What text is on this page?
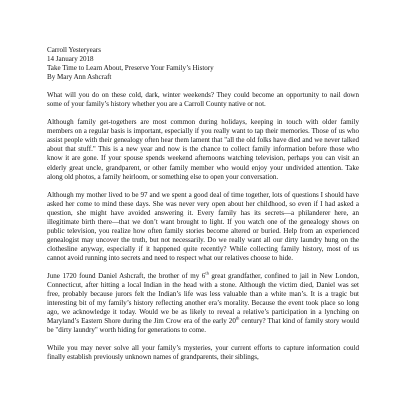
Carroll Yesteryears
14 January 2018
Take Time to Learn About, Preserve Your Family’s History
By Mary Ann Ashcraft

What will you do on these cold, dark, winter weekends? They could become an opportunity to nail down some of your family’s history whether you are a Carroll County native or not.

Although family get-togethers are most common during holidays, keeping in touch with older family members on a regular basis is important, especially if you really want to tap their memories. Those of us who assist people with their genealogy often hear them lament that "all the old folks have died and we never talked about that stuff." This is a new year and now is the chance to collect family information before those who know it are gone. If your spouse spends weekend afternoons watching television, perhaps you can visit an elderly great uncle, grandparent, or other family member who would enjoy your undivided attention. Take along old photos, a family heirloom, or something else to open your conversation.

Although my mother lived to be 97 and we spent a good deal of time together, lots of questions I should have asked her come to mind these days. She was never very open about her childhood, so even if I had asked a question, she might have avoided answering it. Every family has its secrets—a philanderer here, an illegitimate birth there—that we don’t want brought to light. If you watch one of the genealogy shows on public television, you realize how often family stories become altered or buried. Help from an experienced genealogist may uncover the truth, but not necessarily. Do we really want all our dirty laundry hung on the clothesline anyway, especially if it happened quite recently? While collecting family history, most of us cannot avoid running into secrets and need to respect what our relatives choose to hide.

June 1720 found Daniel Ashcraft, the brother of my 6th great grandfather, confined to jail in New London, Connecticut, after hitting a local Indian in the head with a stone. Although the victim died, Daniel was set free, probably because jurors felt the Indian’s life was less valuable than a white man’s. It is a tragic but interesting bit of my family’s history reflecting another era’s morality. Because the event took place so long ago, we acknowledge it today. Would we be as likely to reveal a relative’s participation in a lynching on Maryland’s Eastern Shore during the Jim Crow era of the early 20th century? That kind of family story would be "dirty laundry" worth hiding for generations to come.

While you may never solve all your family’s mysteries, your current efforts to capture information could finally establish previously unknown names of grandparents, their siblings,
